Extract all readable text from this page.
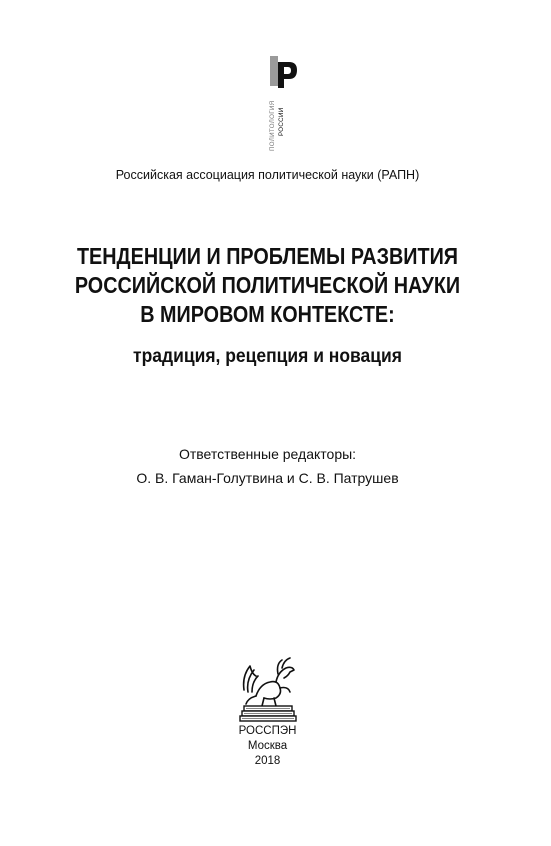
ПОЛИТОЛОГИЯ РОССИИ
Российская ассоциация политической науки (РАПН)
ТЕНДЕНЦИИ И ПРОБЛЕМЫ РАЗВИТИЯ
РОССИЙСКОЙ ПОЛИТИЧЕСКОЙ НАУКИ
В МИРОВОМ КОНТЕКСТЕ:
традиция, рецепция и новация
Ответственные редакторы:
О. В. Гаман-Голутвина и С. В. Патрушев
РОССПЭН
Москва
2018
